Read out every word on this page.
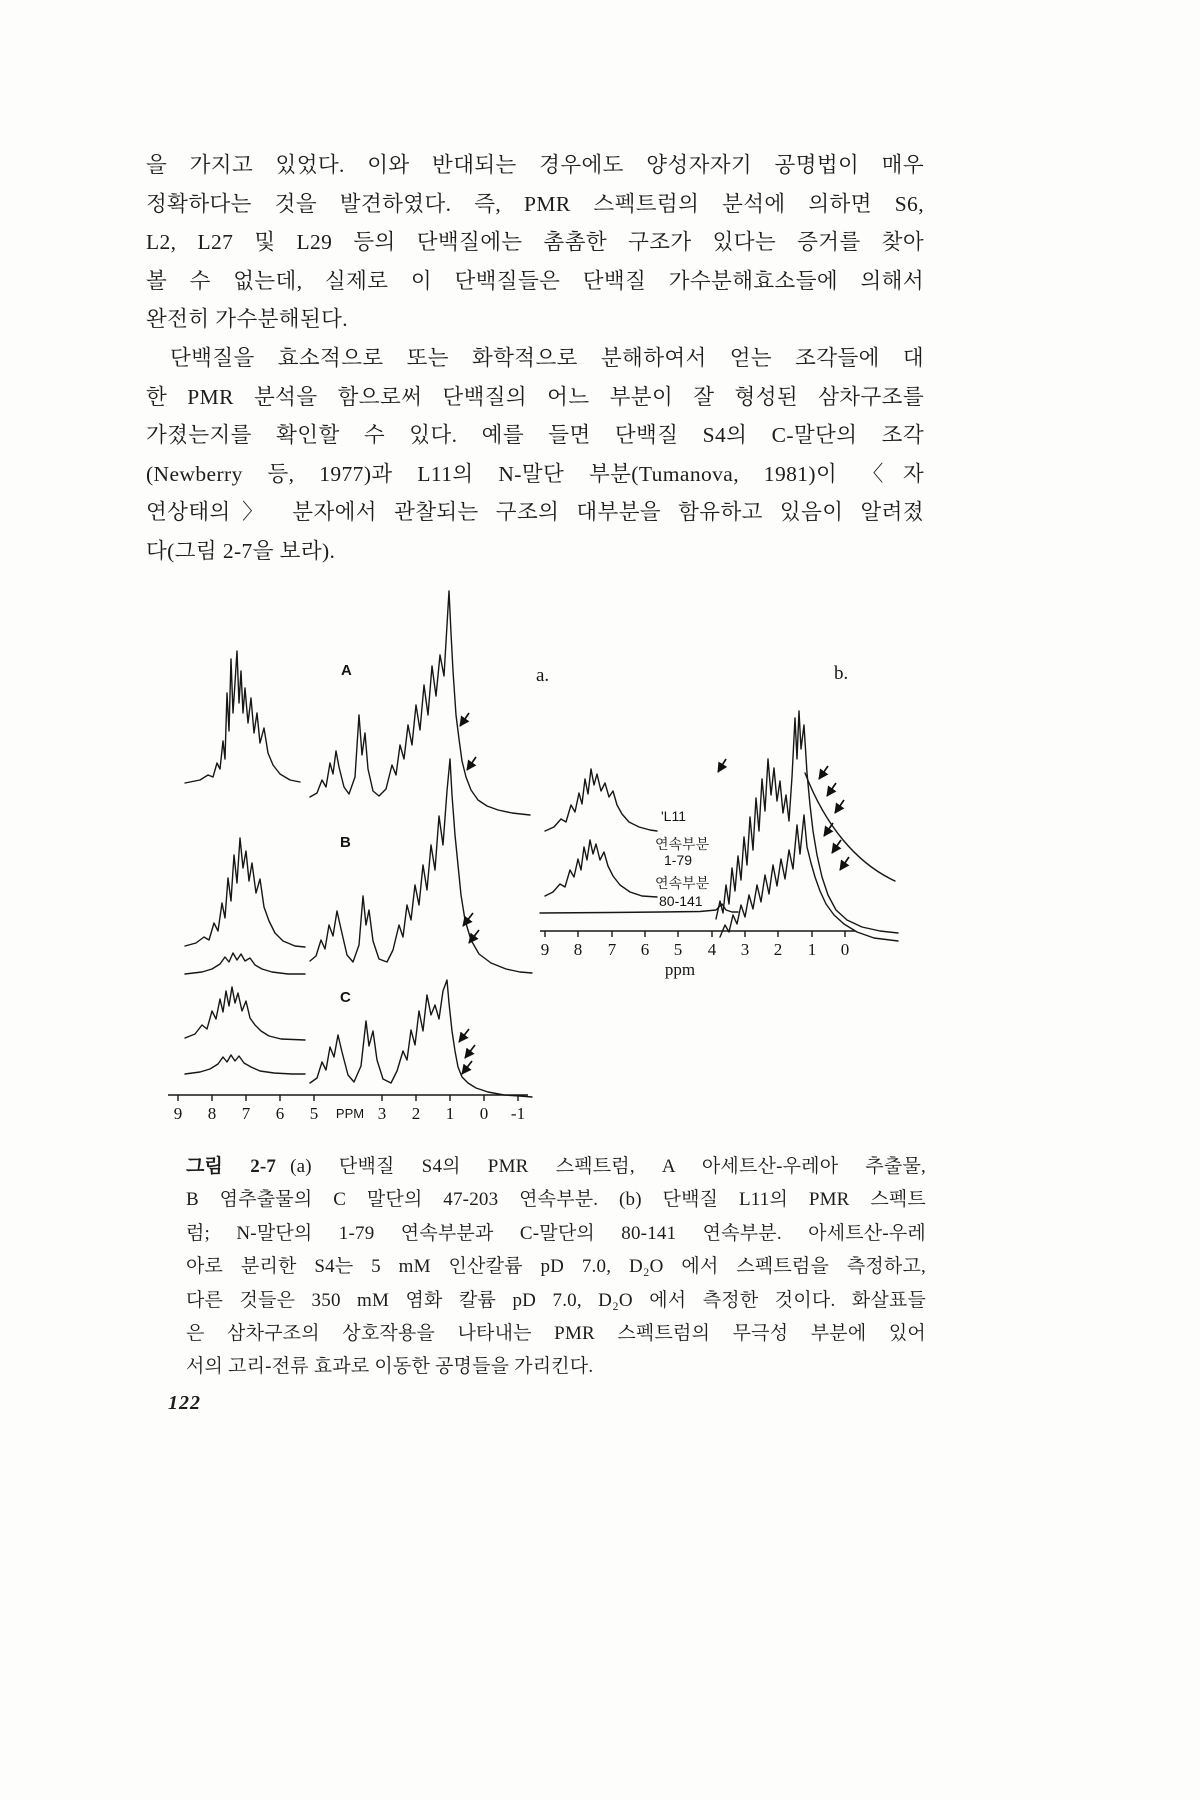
을 가지고 있었다. 이와 반대되는 경우에도 양성자자기 공명법이 매우
정확하다는 것을 발견하였다. 즉, PMR 스펙트럼의 분석에 의하면 S6,
L2, L27 및 L29 등의 단백질에는 촘촘한 구조가 있다는 증거를 찾아
볼 수 없는데, 실제로 이 단백질들은 단백질 가수분해효소들에 의해서
완전히 가수분해된다.
단백질을 효소적으로 또는 화학적으로 분해하여서 얻는 조각들에 대
한 PMR 분석을 함으로써 단백질의 어느 부분이 잘 형성된 삼차구조를
가졌는지를 확인할 수 있다. 예를 들면 단백질 S4의 C-말단의 조각
(Newberry 등, 1977)과 L11의 N-말단 부분(Tumanova, 1981)이 〈자
연상태의〉 분자에서 관찰되는 구조의 대부분을 함유하고 있음이 알려졌
다(그림 2-7을 보라).
A
B
C
9 8 7 6 5 PPM 3 2 1 0 -1
a.
'L11
연속부분
1-79
연속부분
80-141
b.
9 8 7 6 5 4 3 2 1 0
ppm
그림 2-7 (a) 단백질 S4의 PMR 스펙트럼, A 아세트산-우레아 추출물,
B 염추출물의 C 말단의 47-203 연속부분. (b) 단백질 L11의 PMR 스펙트
럼; N-말단의 1-79 연속부분과 C-말단의 80-141 연속부분. 아세트산-우레
아로 분리한 S4는 5 mM 인산칼륨 pD 7.0, D₂O 에서 스펙트럼을 측정하고,
다른 것들은 350 mM 염화 칼륨 pD 7.0, D₂O 에서 측정한 것이다. 화살표들
은 삼차구조의 상호작용을 나타내는 PMR 스펙트럼의 무극성 부분에 있어
서의 고리-전류 효과로 이동한 공명들을 가리킨다.
122
